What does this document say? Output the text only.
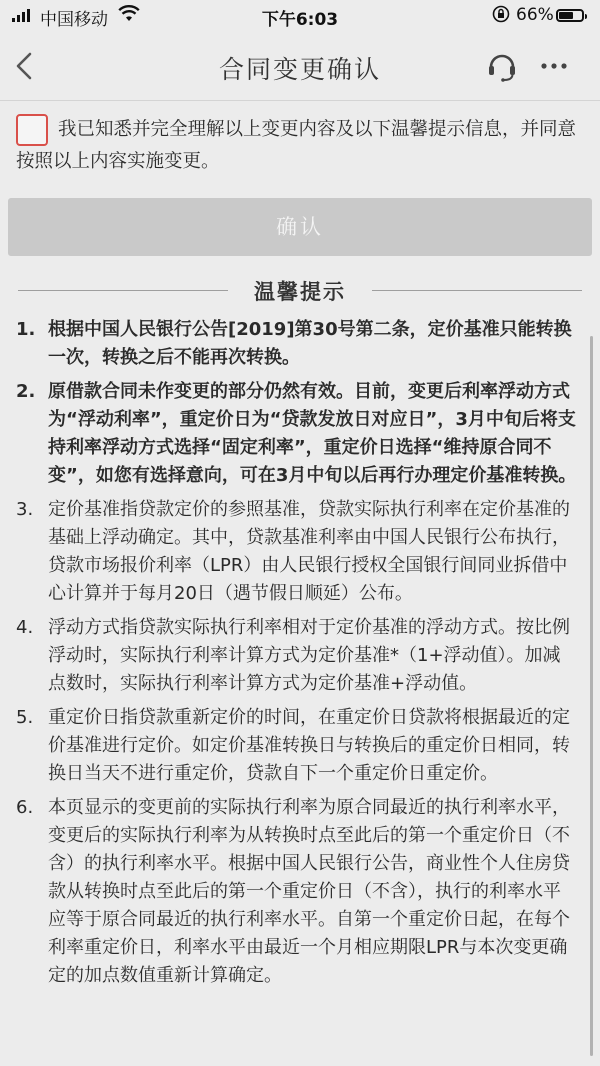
中国移动	下午6:03	66%
合同变更确认

我已知悉并完全理解以上变更内容及以下温馨提示信息，并同意按照以上内容实施变更。

确认
温馨提示
1. 根据中国人民银行公告[2019]第30号第二条，定价基准只能转换一次，转换之后不能再次转换。
2. 原借款合同未作变更的部分仍然有效。目前，变更后利率浮动方式为“浮动利率”，重定价日为“贷款发放日对应日”，3月中旬后将支持利率浮动方式选择“固定利率”，重定价日选择“维持原合同不变”，如您有选择意向，可在3月中旬以后再行办理定价基准转换。
3. 定价基准指贷款定价的参照基准，贷款实际执行利率在定价基准的基础上浮动确定。其中，贷款基准利率由中国人民银行公布执行，贷款市场报价利率（LPR）由人民银行授权全国银行间同业拆借中心计算并于每月20日（遇节假日顺延）公布。
4. 浮动方式指贷款实际执行利率相对于定价基准的浮动方式。按比例浮动时，实际执行利率计算方式为定价基准*（1+浮动值）。加减点数时，实际执行利率计算方式为定价基准+浮动值。
5. 重定价日指贷款重新定价的时间，在重定价日贷款将根据最近的定价基准进行定价。如定价基准转换日与转换后的重定价日相同，转换日当天不进行重定价，贷款自下一个重定价日重定价。
6. 本页显示的变更前的实际执行利率为原合同最近的执行利率水平，变更后的实际执行利率为从转换时点至此后的第一个重定价日（不含）的执行利率水平。根据中国人民银行公告，商业性个人住房贷款从转换时点至此后的第一个重定价日（不含），执行的利率水平应等于原合同最近的执行利率水平。自第一个重定价日起，在每个利率重定价日，利率水平由最近一个月相应期限LPR与本次变更确定的加点数值重新计算确定。
